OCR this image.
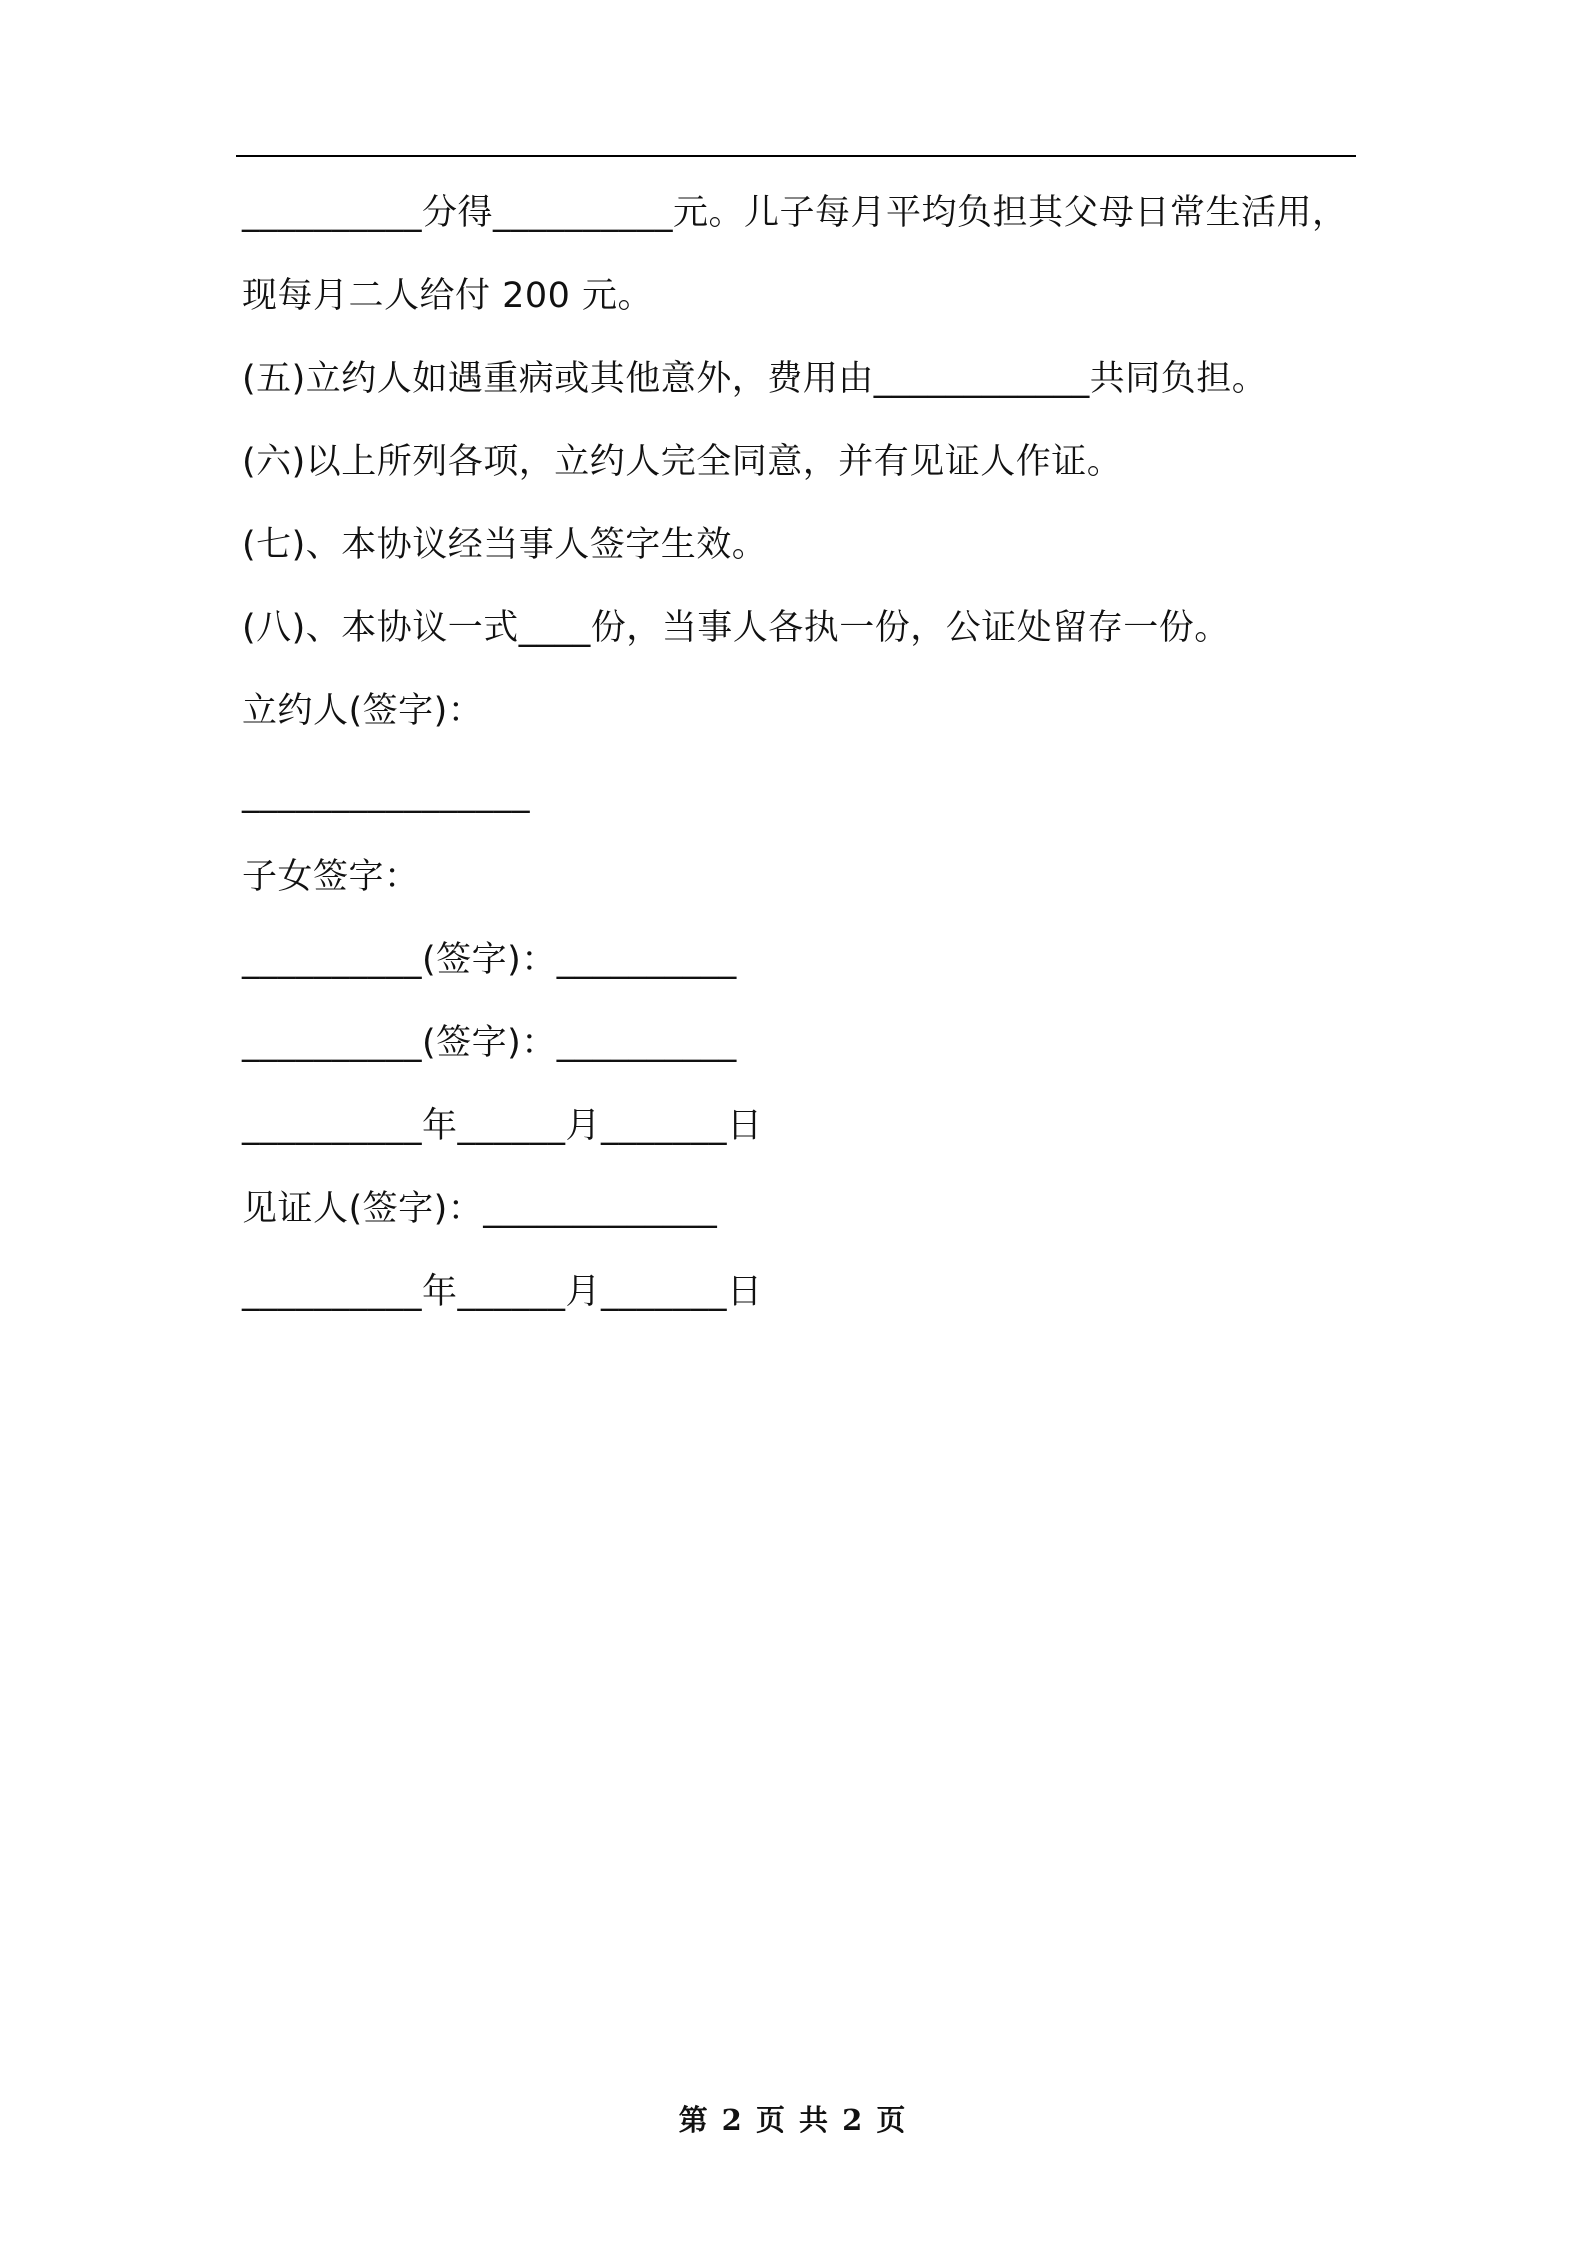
__________分得__________元。儿子每月平均负担其父母日常生活用，
现每月二人给付 200 元。
(五)立约人如遇重病或其他意外，费用由____________共同负担。
(六)以上所列各项，立约人完全同意，并有见证人作证。
(七)、本协议经当事人签字生效。
(八)、本协议一式____份，当事人各执一份，公证处留存一份。
立约人(签字)：
________________
子女签字：
__________(签字)：__________
__________(签字)：__________
__________年______月_______日
见证人(签字)：_____________
__________年______月_______日
第 2 页 共 2 页
